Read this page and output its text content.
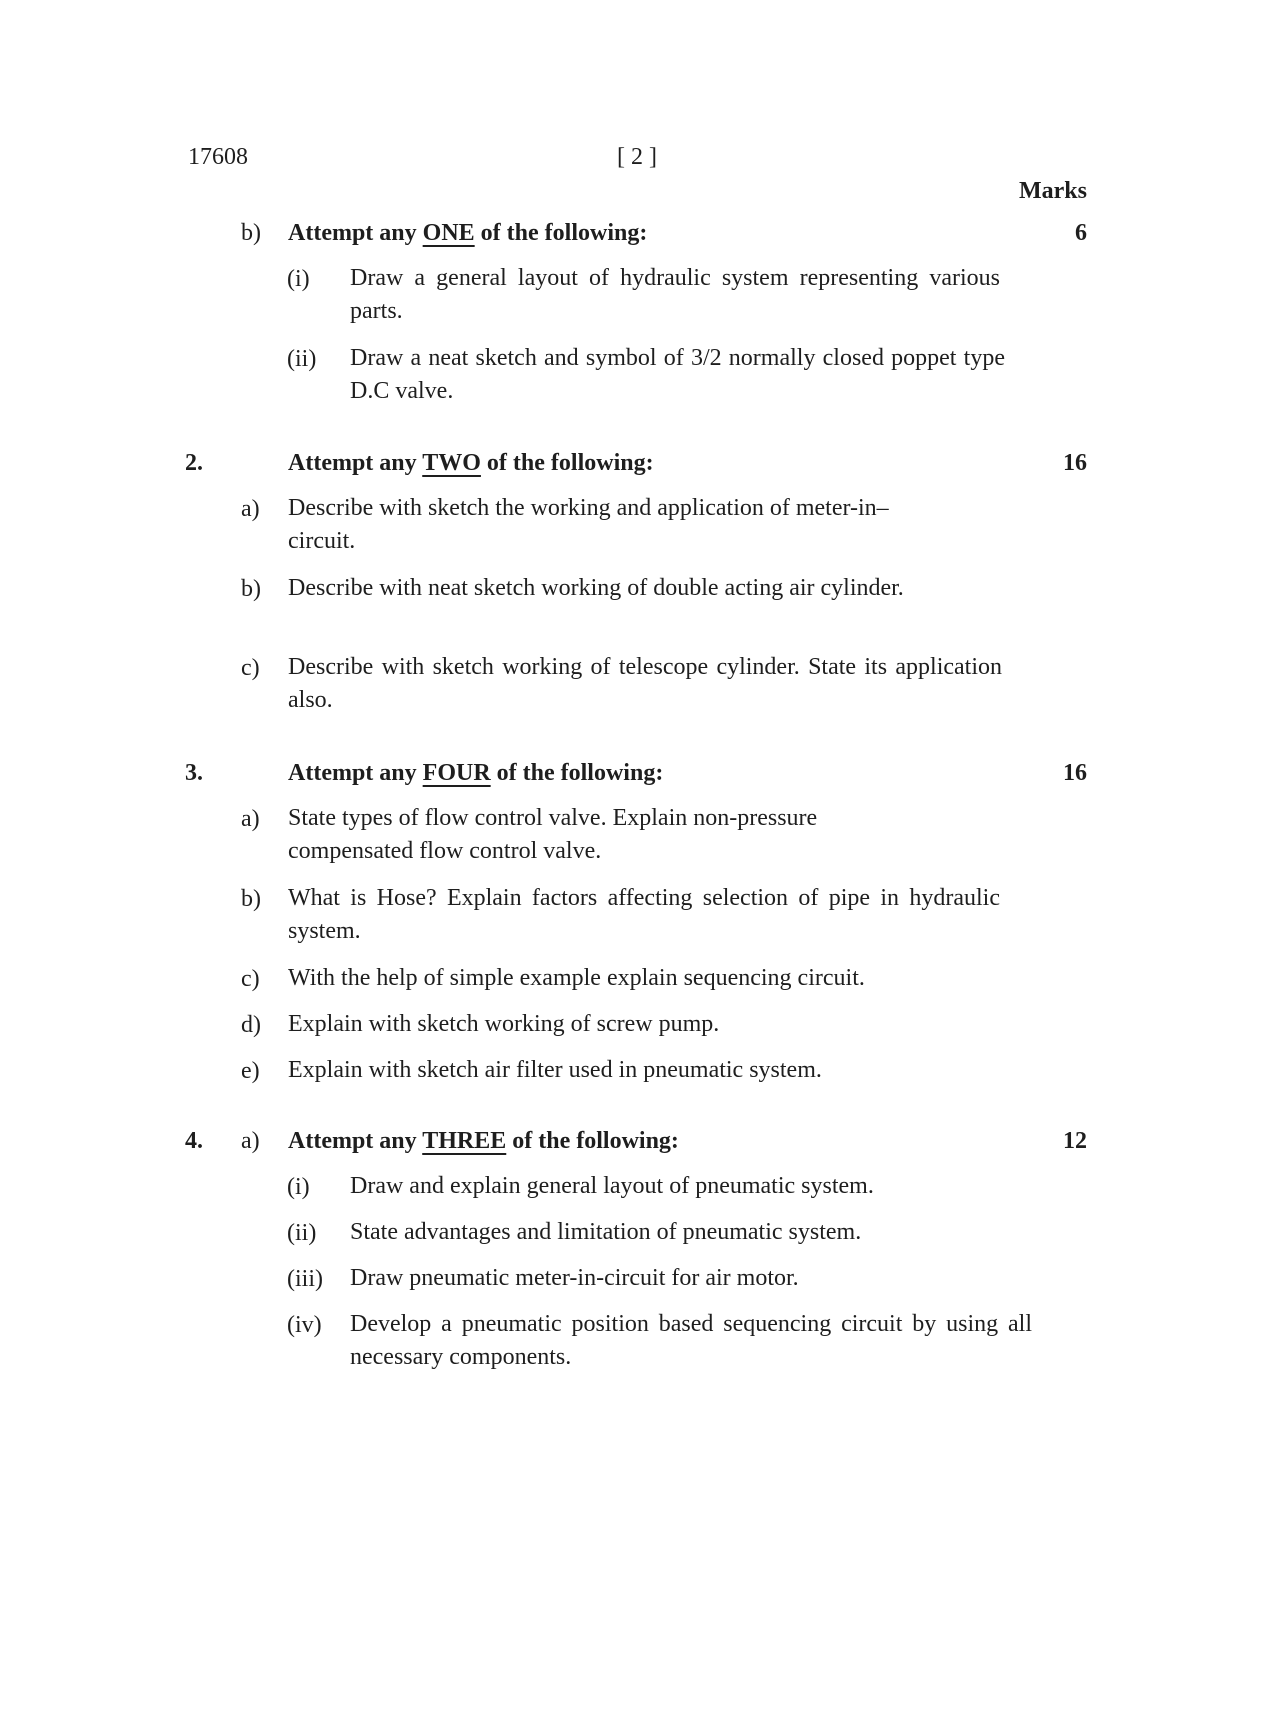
17608	[ 2 ]
Marks
b) Attempt any ONE of the following:	6
(i) Draw a general layout of hydraulic system representing various parts.
(ii) Draw a neat sketch and symbol of 3/2 normally closed poppet type D.C valve.
2.	Attempt any TWO of the following:	16
a) Describe with sketch the working and application of meter-in–circuit.
b) Describe with neat sketch working of double acting air cylinder.
c) Describe with sketch working of telescope cylinder. State its application also.
3.	Attempt any FOUR of the following:	16
a) State types of flow control valve. Explain non-pressure compensated flow control valve.
b) What is Hose? Explain factors affecting selection of pipe in hydraulic system.
c) With the help of simple example explain sequencing circuit.
d) Explain with sketch working of screw pump.
e) Explain with sketch air filter used in pneumatic system.
4. a) Attempt any THREE of the following:	12
(i) Draw and explain general layout of pneumatic system.
(ii) State advantages and limitation of pneumatic system.
(iii) Draw pneumatic meter-in-circuit for air motor.
(iv) Develop a pneumatic position based sequencing circuit by using all necessary components.
